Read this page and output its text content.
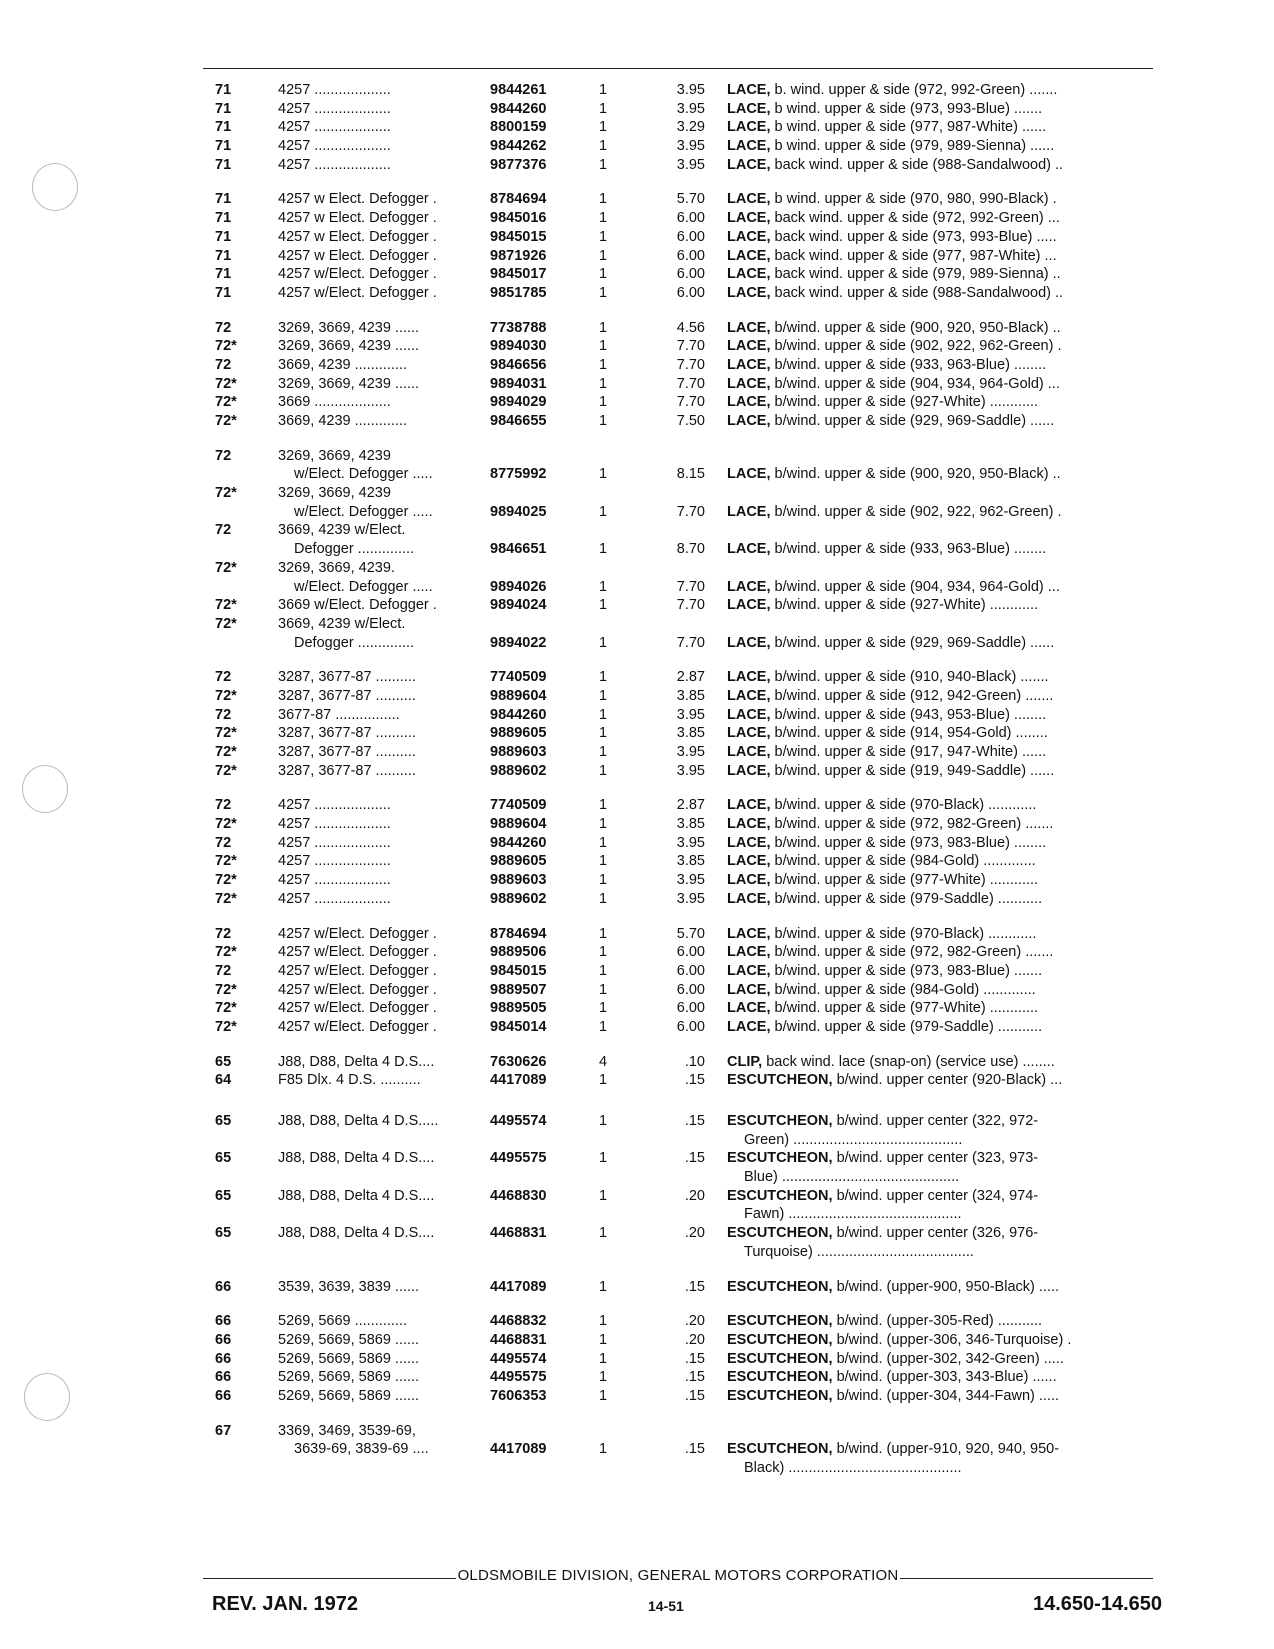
71	4257 ...................	9844261	1	3.95 LACE, b. wind. upper & side (972, 992-Green) .......
71	4257 ...................	9844260	1	3.95 LACE, b wind. upper & side (973, 993-Blue) .......
71	4257 ...................	8800159	1	3.29 LACE, b wind. upper & side (977, 987-White) ......
71	4257 ...................	9844262	1	3.95 LACE, b wind. upper & side (979, 989-Sienna) ......
71	4257 ...................	9877376	1	3.95 LACE, back wind. upper & side (988-Sandalwood) ..
71	4257 w Elect. Defogger .	8784694	1	5.70 LACE, b wind. upper & side (970, 980, 990-Black) .
71	4257 w Elect. Defogger .	9845016	1	6.00 LACE, back wind. upper & side (972, 992-Green) ...
71	4257 w Elect. Defogger .	9845015	1	6.00 LACE, back wind. upper & side (973, 993-Blue) .....
71	4257 w Elect. Defogger .	9871926	1	6.00 LACE, back wind. upper & side (977, 987-White) ...
71	4257 w/Elect. Defogger .	9845017	1	6.00 LACE, back wind. upper & side (979, 989-Sienna) ..
71	4257 w/Elect. Defogger .	9851785	1	6.00 LACE, back wind. upper & side (988-Sandalwood) ..
72	3269, 3669, 4239 ......	7738788	1	4.56 LACE, b/wind. upper & side (900, 920, 950-Black) ..
72*	3269, 3669, 4239 ......	9894030	1	7.70 LACE, b/wind. upper & side (902, 922, 962-Green) .
72	3669, 4239 .............	9846656	1	7.70 LACE, b/wind. upper & side (933, 963-Blue) ........
72*	3269, 3669, 4239 ......	9894031	1	7.70 LACE, b/wind. upper & side (904, 934, 964-Gold) ...
72*	3669 ...................	9894029	1	7.70 LACE, b/wind. upper & side (927-White) ............
72*	3669, 4239 .............	9846655	1	7.50 LACE, b/wind. upper & side (929, 969-Saddle) ......
72	3269, 3669, 4239
w/Elect. Defogger .....	8775992	1	8.15 LACE, b/wind. upper & side (900, 920, 950-Black) ..
72*	3269, 3669, 4239
w/Elect. Defogger .....	9894025	1	7.70 LACE, b/wind. upper & side (902, 922, 962-Green) .
72	3669, 4239 w/Elect.
Defogger ..............	9846651	1	8.70 LACE, b/wind. upper & side (933, 963-Blue) ........
72*	3269, 3669, 4239.
w/Elect. Defogger .....	9894026	1	7.70 LACE, b/wind. upper & side (904, 934, 964-Gold) ...
72*	3669 w/Elect. Defogger .	9894024	1	7.70 LACE, b/wind. upper & side (927-White) ............
72*	3669, 4239 w/Elect.
Defogger ..............	9894022	1	7.70 LACE, b/wind. upper & side (929, 969-Saddle) ......
72	3287, 3677-87 ..........	7740509	1	2.87 LACE, b/wind. upper & side (910, 940-Black) .......
72*	3287, 3677-87 ..........	9889604	1	3.85 LACE, b/wind. upper & side (912, 942-Green) .......
72	3677-87 ................	9844260	1	3.95 LACE, b/wind. upper & side (943, 953-Blue) ........
72*	3287, 3677-87 ..........	9889605	1	3.85 LACE, b/wind. upper & side (914, 954-Gold) ........
72*	3287, 3677-87 ..........	9889603	1	3.95 LACE, b/wind. upper & side (917, 947-White) ......
72*	3287, 3677-87 ..........	9889602	1	3.95 LACE, b/wind. upper & side (919, 949-Saddle) ......
72	4257 ...................	7740509	1	2.87 LACE, b/wind. upper & side (970-Black) ............
72*	4257 ...................	9889604	1	3.85 LACE, b/wind. upper & side (972, 982-Green) .......
72	4257 ...................	9844260	1	3.95 LACE, b/wind. upper & side (973, 983-Blue) ........
72*	4257 ...................	9889605	1	3.85 LACE, b/wind. upper & side (984-Gold) .............
72*	4257 ...................	9889603	1	3.95 LACE, b/wind. upper & side (977-White) ............
72*	4257 ...................	9889602	1	3.95 LACE, b/wind. upper & side (979-Saddle) ...........
72	4257 w/Elect. Defogger .	8784694	1	5.70 LACE, b/wind. upper & side (970-Black) ............
72*	4257 w/Elect. Defogger .	9889506	1	6.00 LACE, b/wind. upper & side (972, 982-Green) .......
72	4257 w/Elect. Defogger .	9845015	1	6.00 LACE, b/wind. upper & side (973, 983-Blue) .......
72*	4257 w/Elect. Defogger .	9889507	1	6.00 LACE, b/wind. upper & side (984-Gold) .............
72*	4257 w/Elect. Defogger .	9889505	1	6.00 LACE, b/wind. upper & side (977-White) ............
72*	4257 w/Elect. Defogger .	9845014	1	6.00 LACE, b/wind. upper & side (979-Saddle) ...........
65	J88, D88, Delta 4 D.S....	7630626	4	.10 CLIP, back wind. lace (snap-on) (service use) ........
64	F85 Dlx. 4 D.S. ..........	4417089	1	.15 ESCUTCHEON, b/wind. upper center (920-Black) ...
65	J88, D88, Delta 4 D.S.....	4495574	1	.15 ESCUTCHEON, b/wind. upper center (322, 972-
Green) ..........................................
65	J88, D88, Delta 4 D.S....	4495575	1	.15 ESCUTCHEON, b/wind. upper center (323, 973-
Blue) ............................................
65	J88, D88, Delta 4 D.S....	4468830	1	.20 ESCUTCHEON, b/wind. upper center (324, 974-
Fawn) ...........................................
65	J88, D88, Delta 4 D.S....	4468831	1	.20 ESCUTCHEON, b/wind. upper center (326, 976-
Turquoise) .......................................
66	3539, 3639, 3839 ......	4417089	1	.15 ESCUTCHEON, b/wind. (upper-900, 950-Black) .....
66	5269, 5669 .............	4468832	1	.20 ESCUTCHEON, b/wind. (upper-305-Red) ...........
66	5269, 5669, 5869 ......	4468831	1	.20 ESCUTCHEON, b/wind. (upper-306, 346-Turquoise) .
66	5269, 5669, 5869 ......	4495574	1	.15 ESCUTCHEON, b/wind. (upper-302, 342-Green) .....
66	5269, 5669, 5869 ......	4495575	1	.15 ESCUTCHEON, b/wind. (upper-303, 343-Blue) ......
66	5269, 5669, 5869 ......	7606353	1	.15 ESCUTCHEON, b/wind. (upper-304, 344-Fawn) .....
67	3369, 3469, 3539-69,
3639-69, 3839-69 ....	4417089	1	.15 ESCUTCHEON, b/wind. (upper-910, 920, 940, 950-
Black) ...........................................
OLDSMOBILE DIVISION, GENERAL MOTORS CORPORATION
REV. JAN. 1972	14-51	14.650-14.650
